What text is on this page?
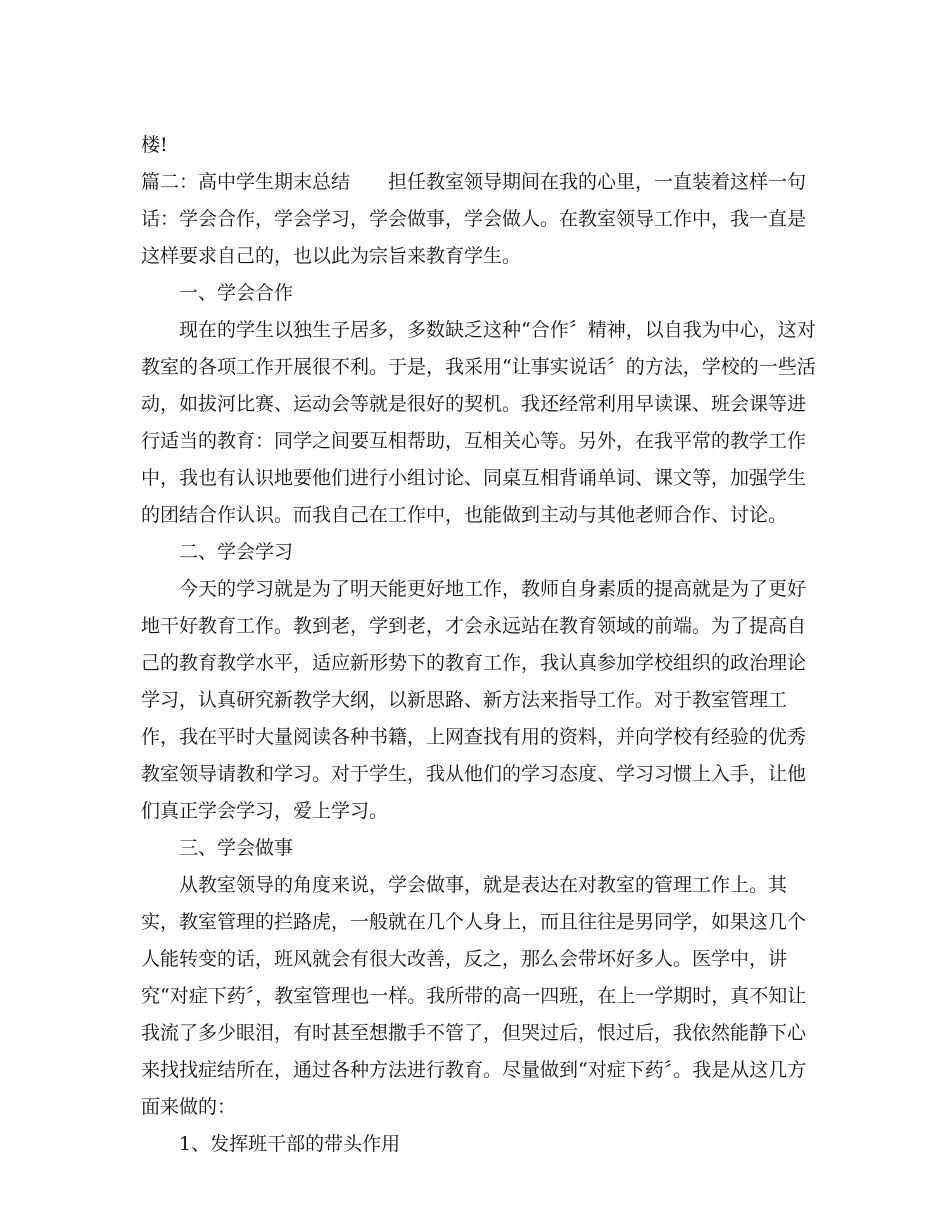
楼!

篇二：高中学生期末总结　　担任教室领导期间在我的心里，一直装着这样一句话：学会合作，学会学习，学会做事，学会做人。在教室领导工作中，我一直是这样要求自己的，也以此为宗旨来教育学生。

一、学会合作

现在的学生以独生子居多，多数缺乏这种“合作〞精神，以自我为中心，这对教室的各项工作开展很不利。于是，我采用“让事实说话〞的方法，学校的一些活动，如拔河比赛、运动会等就是很好的契机。我还经常利用早读课、班会课等进行适当的教育：同学之间要互相帮助，互相关心等。另外，在我平常的教学工作中，我也有认识地要他们进行小组讨论、同桌互相背诵单词、课文等，加强学生的团结合作认识。而我自己在工作中，也能做到主动与其他老师合作、讨论。

二、学会学习

今天的学习就是为了明天能更好地工作，教师自身素质的提高就是为了更好地干好教育工作。教到老，学到老，才会永远站在教育领域的前端。为了提高自己的教育教学水平，适应新形势下的教育工作，我认真参加学校组织的政治理论学习，认真研究新教学大纲，以新思路、新方法来指导工作。对于教室管理工作，我在平时大量阅读各种书籍，上网查找有用的资料，并向学校有经验的优秀教室领导请教和学习。对于学生，我从他们的学习态度、学习习惯上入手，让他们真正学会学习，爱上学习。

三、学会做事

从教室领导的角度来说，学会做事，就是表达在对教室的管理工作上。其实，教室管理的拦路虎，一般就在几个人身上，而且往往是男同学，如果这几个人能转变的话，班风就会有很大改善，反之，那么会带坏好多人。医学中，讲究“对症下药〞，教室管理也一样。我所带的高一四班，在上一学期时，真不知让我流了多少眼泪，有时甚至想撒手不管了，但哭过后，恨过后，我依然能静下心来找找症结所在，通过各种方法进行教育。尽量做到“对症下药〞。我是从这几方面来做的：

1、发挥班干部的带头作用
